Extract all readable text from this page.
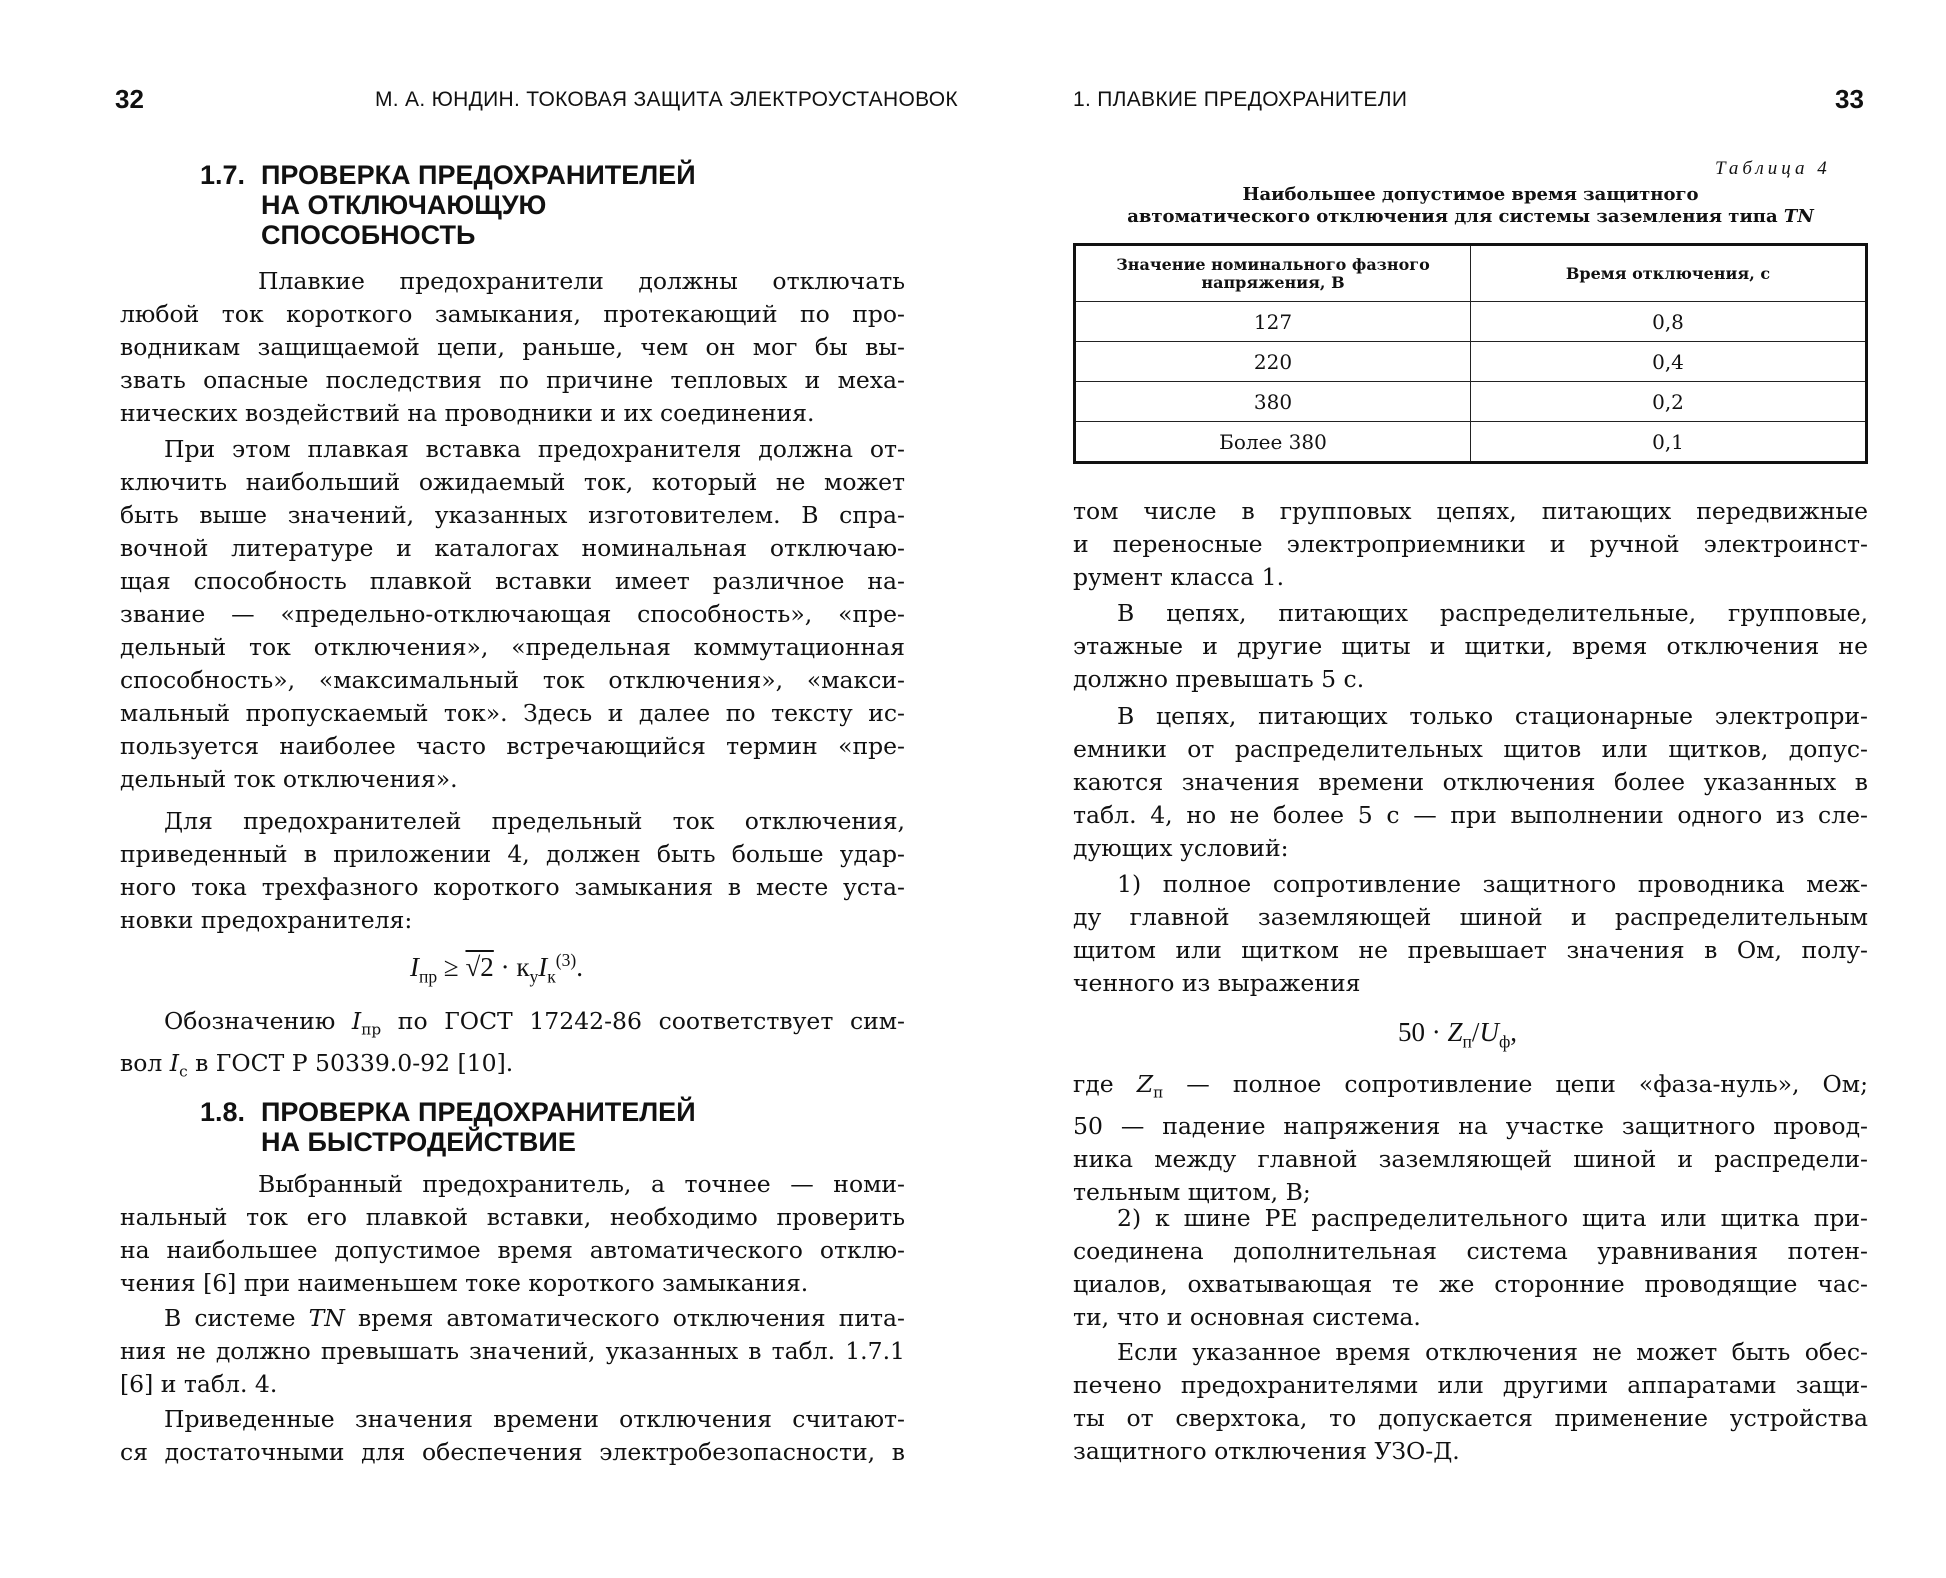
32	М. А. ЮНДИН. ТОКОВАЯ ЗАЩИТА ЭЛЕКТРОУСТАНОВОК
1.7. ПРОВЕРКА ПРЕДОХРАНИТЕЛЕЙ
НА ОТКЛЮЧАЮЩУЮ
СПОСОБНОСТЬ
Плавкие предохранители должны отключать
любой ток короткого замыкания, протекающий по про-
водникам защищаемой цепи, раньше, чем он мог бы вы-
звать опасные последствия по причине тепловых и меха-
нических воздействий на проводники и их соединения.
При этом плавкая вставка предохранителя должна от-
ключить наибольший ожидаемый ток, который не может
быть выше значений, указанных изготовителем. В спра-
вочной литературе и каталогах номинальная отключаю-
щая способность плавкой вставки имеет различное на-
звание — «предельно-отключающая способность», «пре-
дельный ток отключения», «предельная коммутационная
способность», «максимальный ток отключения», «макси-
мальный пропускаемый ток». Здесь и далее по тексту ис-
пользуется наиболее часто встречающийся термин «пре-
дельный ток отключения».
Для предохранителей предельный ток отключения,
приведенный в приложении 4, должен быть больше удар-
ного тока трехфазного короткого замыкания в месте уста-
новки предохранителя:
$I_{пр} \ge √2 \cdot к_уI_к^{(3)}$.
Обозначению $I_{пр}$ по ГОСТ 17242-86 соответствует сим-
вол $I_c$ в ГОСТ Р 50339.0-92 [10].
1.8. ПРОВЕРКА ПРЕДОХРАНИТЕЛЕЙ
НА БЫСТРОДЕЙСТВИЕ
Выбранный предохранитель, а точнее — номи-
нальный ток его плавкой вставки, необходимо проверить
на наибольшее допустимое время автоматического отклю-
чения [6] при наименьшем токе короткого замыкания.
В системе TN время автоматического отключения пита-
ния не должно превышать значений, указанных в табл. 1.7.1
[6] и табл. 4.
Приведенные значения времени отключения считают-
ся достаточными для обеспечения электробезопасности, в
1. ПЛАВКИЕ ПРЕДОХРАНИТЕЛИ	33
Таблица 4
Наибольшее допустимое время защитного
автоматического отключения для системы заземления типа TN
Значение номинального фазного напряжения, В	Время отключения, с
127	0,8
220	0,4
380	0,2
Более 380	0,1
том числе в групповых цепях, питающих передвижные
и переносные электроприемники и ручной электроинст-
румент класса 1.
В цепях, питающих распределительные, групповые,
этажные и другие щиты и щитки, время отключения не
должно превышать 5 с.
В цепях, питающих только стационарные электропри-
емники от распределительных щитов или щитков, допус-
каются значения времени отключения более указанных в
табл. 4, но не более 5 с — при выполнении одного из сле-
дующих условий:
1) полное сопротивление защитного проводника меж-
ду главной заземляющей шиной и распределительным
щитом или щитком не превышает значения в Ом, полу-
ченного из выражения
$50 \cdot Z_п/U_ф$,
где $Z_п$ — полное сопротивление цепи «фаза-нуль», Ом;
50 — падение напряжения на участке защитного провод-
ника между главной заземляющей шиной и распредели-
тельным щитом, В;
2) к шине РЕ распределительного щита или щитка при-
соединена дополнительная система уравнивания потен-
циалов, охватывающая те же сторонние проводящие час-
ти, что и основная система.
Если указанное время отключения не может быть обес-
печено предохранителями или другими аппаратами защи-
ты от сверхтока, то допускается применение устройства
защитного отключения УЗО-Д.
